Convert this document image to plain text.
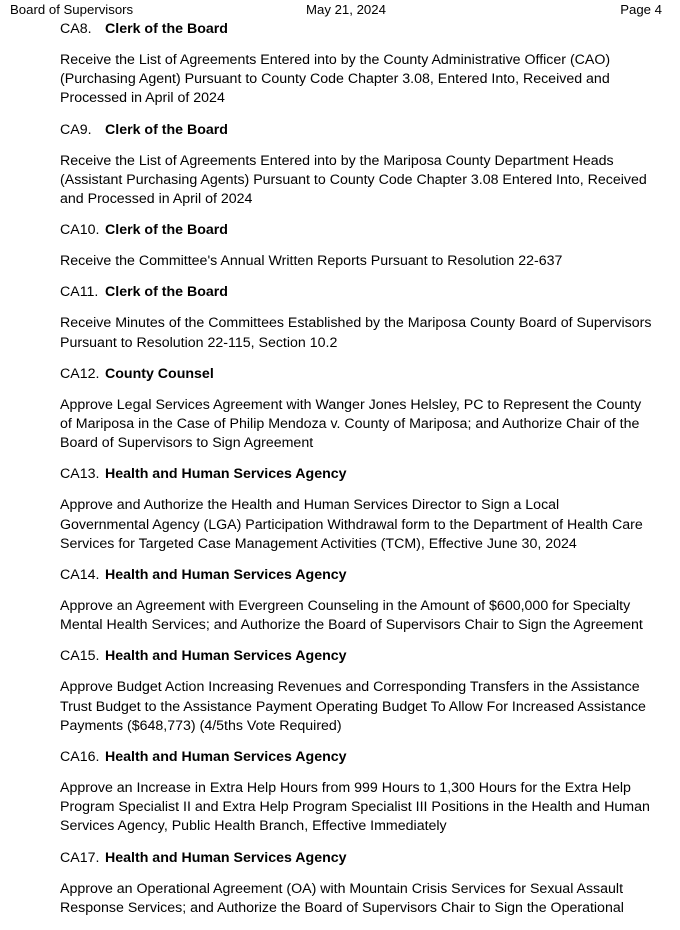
Board of Supervisors	May 21, 2024	Page 4

CA8. Clerk of the Board

Receive the List of Agreements Entered into by the County Administrative Officer (CAO) (Purchasing Agent) Pursuant to County Code Chapter 3.08, Entered Into, Received and Processed in April of 2024

CA9. Clerk of the Board

Receive the List of Agreements Entered into by the Mariposa County Department Heads (Assistant Purchasing Agents) Pursuant to County Code Chapter 3.08 Entered Into, Received and Processed in April of 2024

CA10. Clerk of the Board

Receive the Committee's Annual Written Reports Pursuant to Resolution 22-637

CA11. Clerk of the Board

Receive Minutes of the Committees Established by the Mariposa County Board of Supervisors Pursuant to Resolution 22-115, Section 10.2

CA12. County Counsel

Approve Legal Services Agreement with Wanger Jones Helsley, PC to Represent the County of Mariposa in the Case of Philip Mendoza v. County of Mariposa; and Authorize Chair of the Board of Supervisors to Sign Agreement

CA13. Health and Human Services Agency

Approve and Authorize the Health and Human Services Director to Sign a Local Governmental Agency (LGA) Participation Withdrawal form to the Department of Health Care Services for Targeted Case Management Activities (TCM), Effective June 30, 2024

CA14. Health and Human Services Agency

Approve an Agreement with Evergreen Counseling in the Amount of $600,000 for Specialty Mental Health Services; and Authorize the Board of Supervisors Chair to Sign the Agreement

CA15. Health and Human Services Agency

Approve Budget Action Increasing Revenues and Corresponding Transfers in the Assistance Trust Budget to the Assistance Payment Operating Budget To Allow For Increased Assistance Payments ($648,773) (4/5ths Vote Required)

CA16. Health and Human Services Agency

Approve an Increase in Extra Help Hours from 999 Hours to 1,300 Hours for the Extra Help Program Specialist II and Extra Help Program Specialist III Positions in the Health and Human Services Agency, Public Health Branch, Effective Immediately

CA17. Health and Human Services Agency

Approve an Operational Agreement (OA) with Mountain Crisis Services for Sexual Assault Response Services; and Authorize the Board of Supervisors Chair to Sign the Operational
